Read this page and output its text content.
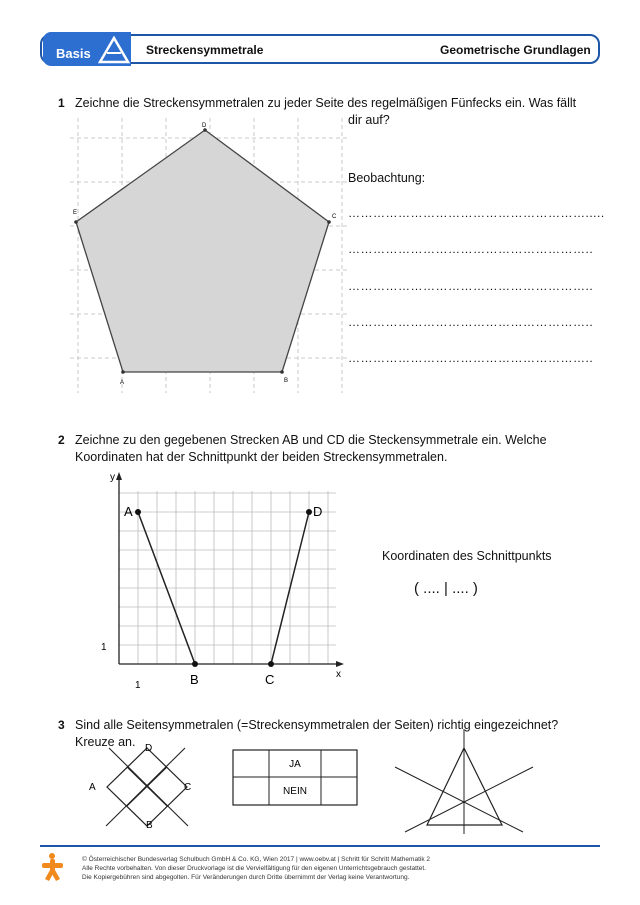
Basis	Streckensymmetrale	Geometrische Grundlagen
1 Zeichne die Streckensymmetralen zu jeder Seite des regelmäßigen Fünfecks ein. Was fällt
dir auf?
A	B
C
D
E
Beobachtung:
………………………………………………….....
…………………………………………………..
…………………………………………………..
…………………………………………………..
…………………………………………………..
2 Zeichne zu den gegebenen Strecken AB und CD die Steckensymmetrale ein. Welche
Koordinaten hat der Schnittpunkt der beiden Streckensymmetralen.
y
x
1
1
A
B	C
D
Koordinaten des Schnittpunkts
( .... | .... )
3 Sind alle Seitensymmetralen (=Streckensymmetralen der Seiten) richtig eingezeichnet?
Kreuze an. D
A	C
B
JA
NEIN
© Österreichischer Bundesverlag Schulbuch GmbH & Co. KG, Wien 2017 | www.oebv.at | Schritt für Schritt Mathematik 2
Alle Rechte vorbehalten. Von dieser Druckvorlage ist die Vervielfältigung für den eigenen Unterrichtsgebrauch gestattet.
Die Kopiergebühren sind abgegolten. Für Veränderungen durch Dritte übernimmt der Verlag keine Verantwortung.
